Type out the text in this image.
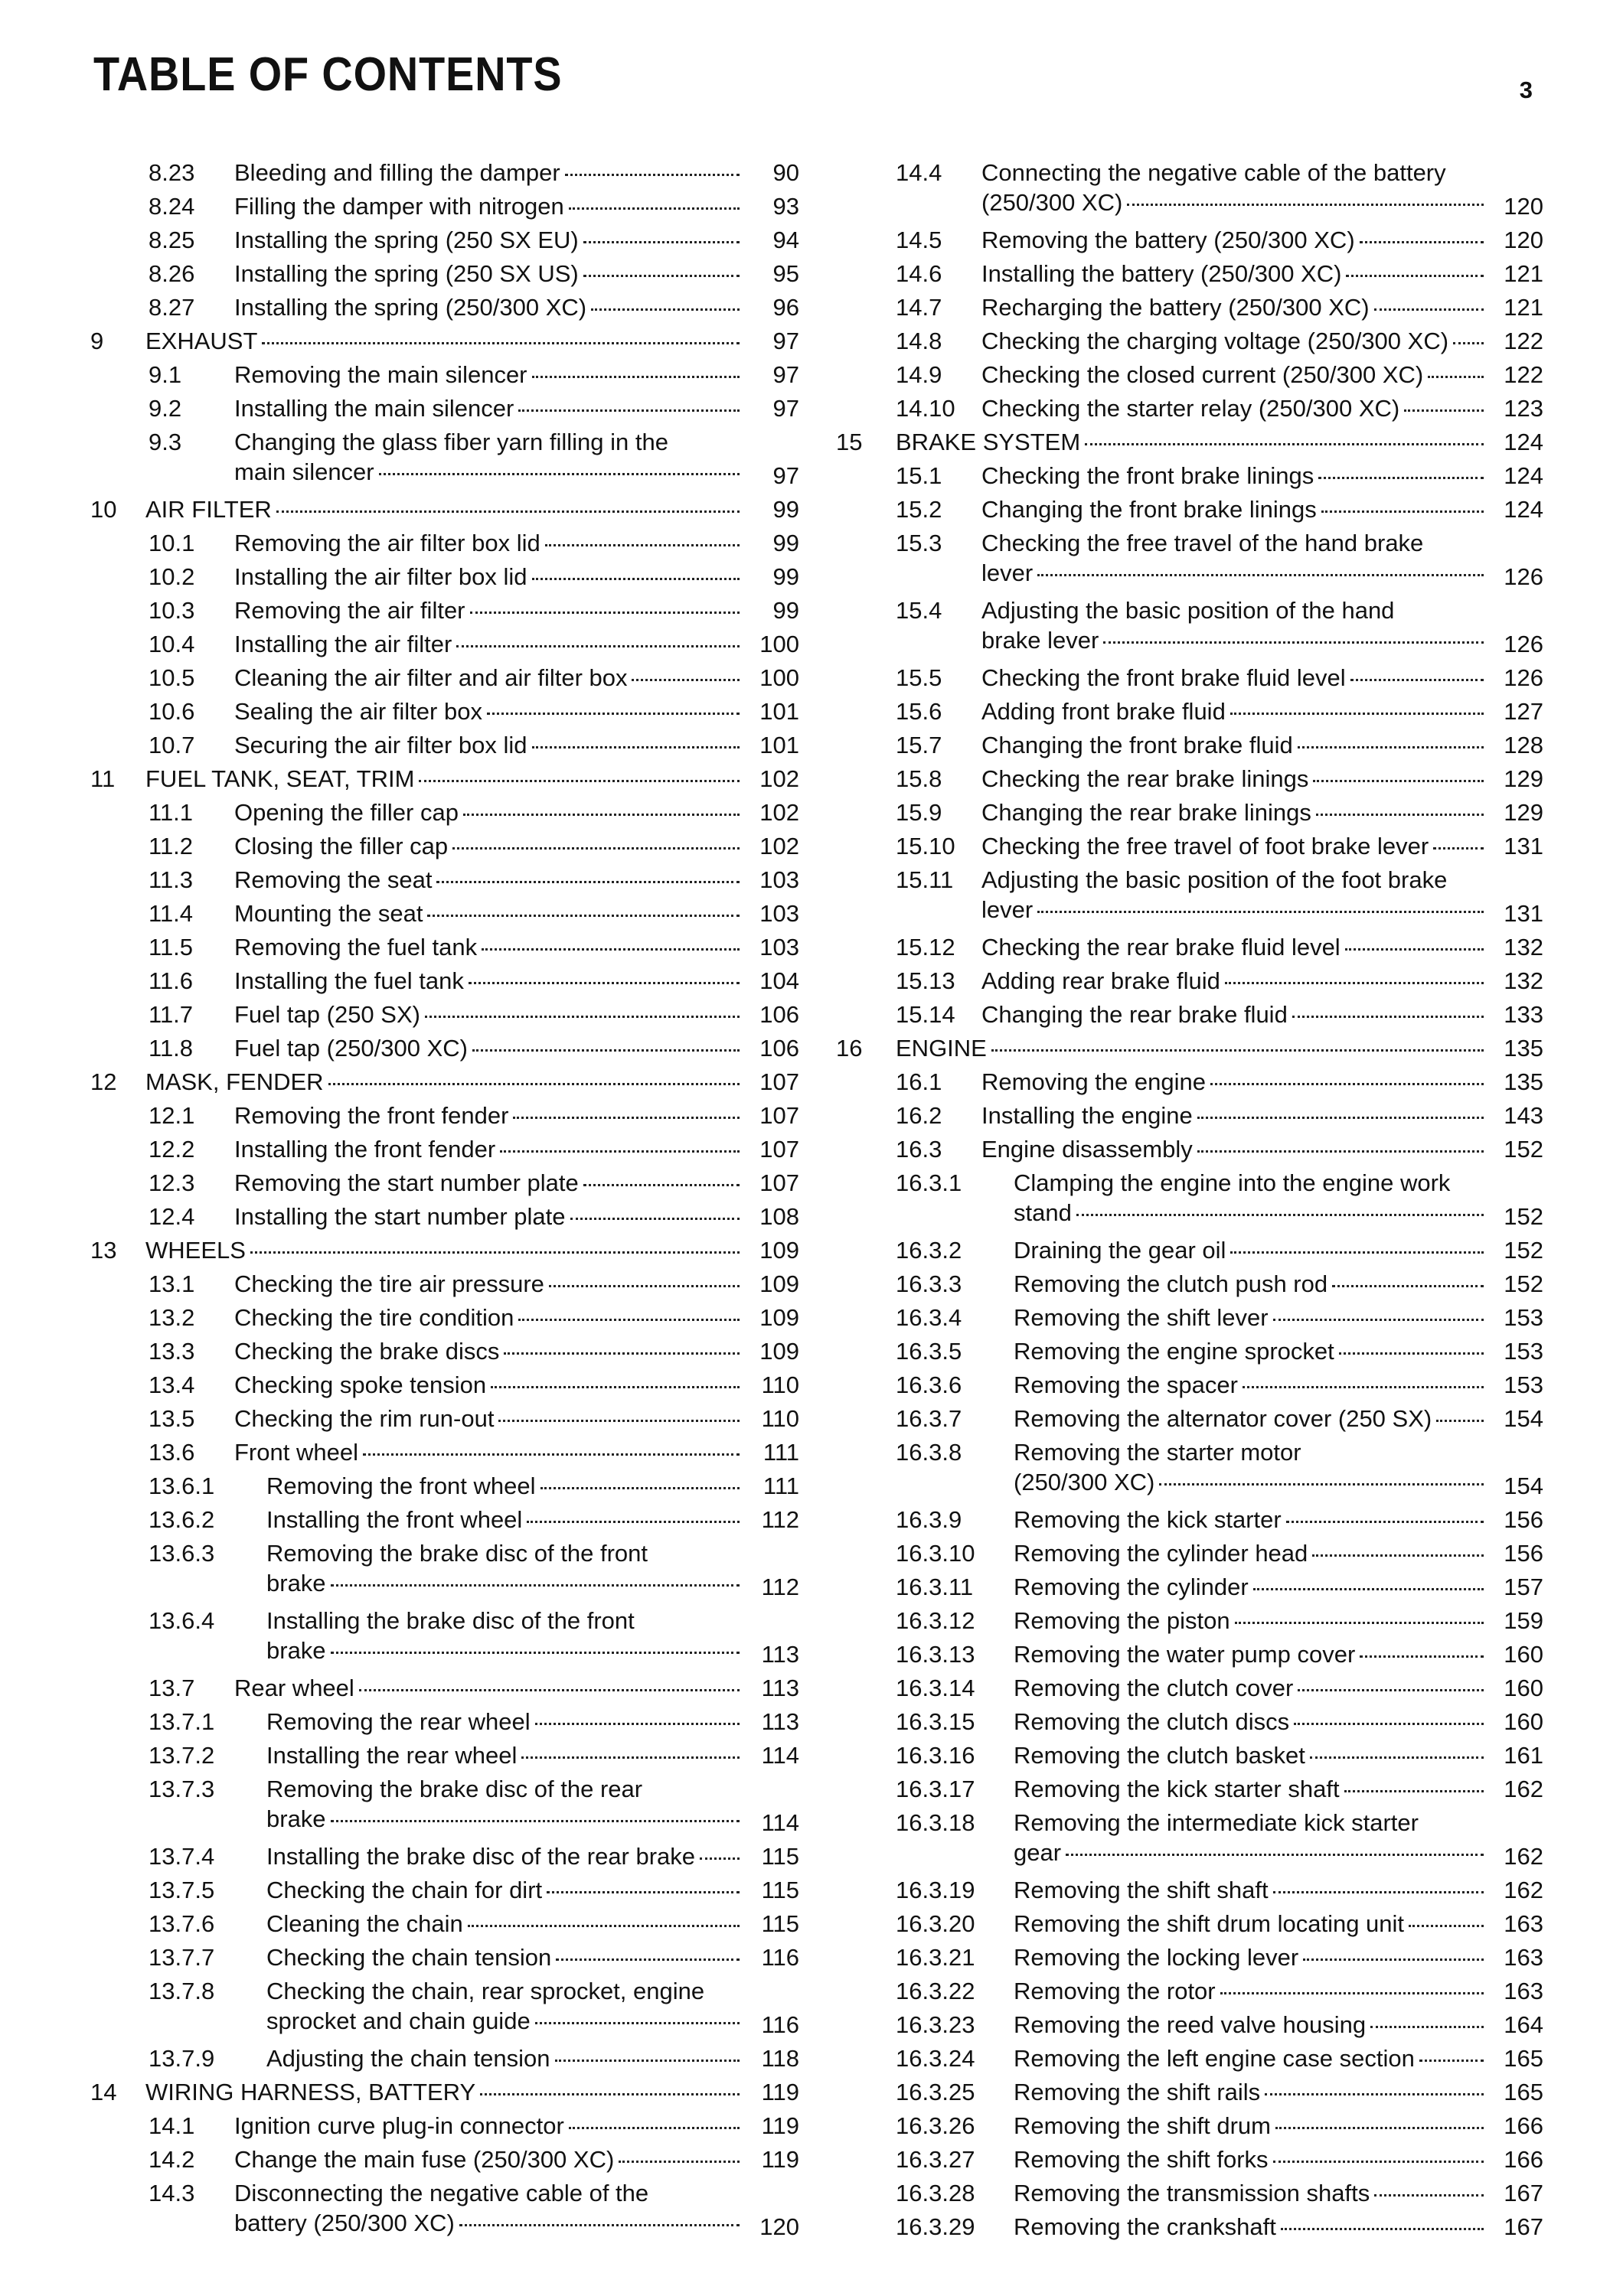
TABLE OF CONTENTS	3
8.23 Bleeding and filling the damper	90
8.24 Filling the damper with nitrogen	93
8.25 Installing the spring (250 SX EU)	94
8.26 Installing the spring (250 SX US)	95
8.27 Installing the spring (250/300 XC)	96
9 EXHAUST	97
9.1 Removing the main silencer	97
9.2 Installing the main silencer	97
9.3 Changing the glass fiber yarn filling in the
main silencer	97
10 AIR FILTER	99
10.1 Removing the air filter box lid	99
10.2 Installing the air filter box lid	99
10.3 Removing the air filter	99
10.4 Installing the air filter	100
10.5 Cleaning the air filter and air filter box	100
10.6 Sealing the air filter box	101
10.7 Securing the air filter box lid	101
11 FUEL TANK, SEAT, TRIM	102
11.1 Opening the filler cap	102
11.2 Closing the filler cap	102
11.3 Removing the seat	103
11.4 Mounting the seat	103
11.5 Removing the fuel tank	103
11.6 Installing the fuel tank	104
11.7 Fuel tap (250 SX)	106
11.8 Fuel tap (250/300 XC)	106
12 MASK, FENDER	107
12.1 Removing the front fender	107
12.2 Installing the front fender	107
12.3 Removing the start number plate	107
12.4 Installing the start number plate	108
13 WHEELS	109
13.1 Checking the tire air pressure	109
13.2 Checking the tire condition	109
13.3 Checking the brake discs	109
13.4 Checking spoke tension	110
13.5 Checking the rim run-out	110
13.6 Front wheel	111
13.6.1 Removing the front wheel	111
13.6.2 Installing the front wheel	112
13.6.3 Removing the brake disc of the front
brake	112
13.6.4 Installing the brake disc of the front
brake	113
13.7 Rear wheel	113
13.7.1 Removing the rear wheel	113
13.7.2 Installing the rear wheel	114
13.7.3 Removing the brake disc of the rear
brake	114
13.7.4 Installing the brake disc of the rear brake	115
13.7.5 Checking the chain for dirt	115
13.7.6 Cleaning the chain	115
13.7.7 Checking the chain tension	116
13.7.8 Checking the chain, rear sprocket, engine
sprocket and chain guide	116
13.7.9 Adjusting the chain tension	118
14 WIRING HARNESS, BATTERY	119
14.1 Ignition curve plug-in connector	119
14.2 Change the main fuse (250/300 XC)	119
14.3 Disconnecting the negative cable of the
battery (250/300 XC)	120
14.4 Connecting the negative cable of the battery
(250/300 XC)	120
14.5 Removing the battery (250/300 XC)	120
14.6 Installing the battery (250/300 XC)	121
14.7 Recharging the battery (250/300 XC)	121
14.8 Checking the charging voltage (250/300 XC) 122
14.9 Checking the closed current (250/300 XC)	122
14.10 Checking the starter relay (250/300 XC)	123
15 BRAKE SYSTEM	124
15.1 Checking the front brake linings	124
15.2 Changing the front brake linings	124
15.3 Checking the free travel of the hand brake
lever	126
15.4 Adjusting the basic position of the hand
brake lever	126
15.5 Checking the front brake fluid level	126
15.6 Adding front brake fluid	127
15.7 Changing the front brake fluid	128
15.8 Checking the rear brake linings	129
15.9 Changing the rear brake linings	129
15.10 Checking the free travel of foot brake lever	131
15.11 Adjusting the basic position of the foot brake
lever	131
15.12 Checking the rear brake fluid level	132
15.13 Adding rear brake fluid	132
15.14 Changing the rear brake fluid	133
16 ENGINE	135
16.1 Removing the engine	135
16.2 Installing the engine	143
16.3 Engine disassembly	152
16.3.1 Clamping the engine into the engine work
stand	152
16.3.2 Draining the gear oil	152
16.3.3 Removing the clutch push rod	152
16.3.4 Removing the shift lever	153
16.3.5 Removing the engine sprocket	153
16.3.6 Removing the spacer	153
16.3.7 Removing the alternator cover (250 SX)	154
16.3.8 Removing the starter motor
(250/300 XC)	154
16.3.9 Removing the kick starter	156
16.3.10 Removing the cylinder head	156
16.3.11 Removing the cylinder	157
16.3.12 Removing the piston	159
16.3.13 Removing the water pump cover	160
16.3.14 Removing the clutch cover	160
16.3.15 Removing the clutch discs	160
16.3.16 Removing the clutch basket	161
16.3.17 Removing the kick starter shaft	162
16.3.18 Removing the intermediate kick starter
gear	162
16.3.19 Removing the shift shaft	162
16.3.20 Removing the shift drum locating unit	163
16.3.21 Removing the locking lever	163
16.3.22 Removing the rotor	163
16.3.23 Removing the reed valve housing	164
16.3.24 Removing the left engine case section	165
16.3.25 Removing the shift rails	165
16.3.26 Removing the shift drum	166
16.3.27 Removing the shift forks	166
16.3.28 Removing the transmission shafts	167
16.3.29 Removing the crankshaft	167
